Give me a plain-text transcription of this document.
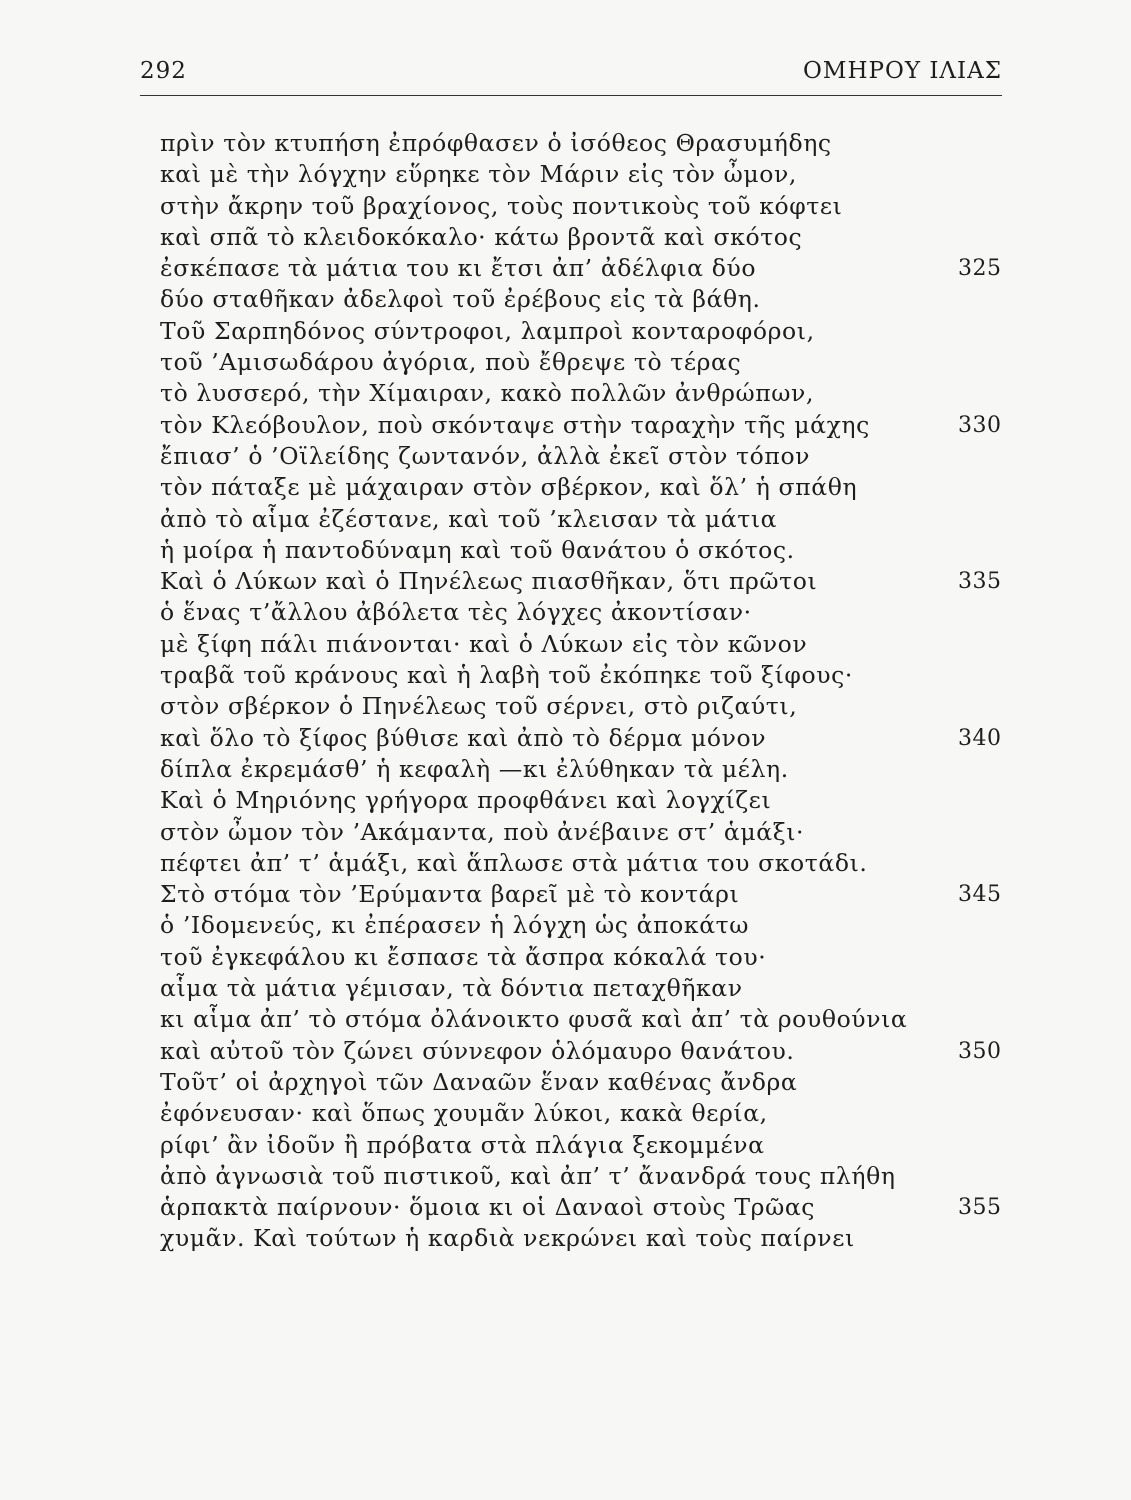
292	ΟΜΗΡΟΥ ΙΛΙΑΣ
πρὶν τὸν κτυπήση ἐπρόφθασεν ὁ ἰσόθεος Θρασυμήδης
καὶ μὲ τὴν λόγχην εὕρηκε τὸν Μάριν εἰς τὸν ὦμον,
στὴν ἄκρην τοῦ βραχίονος, τοὺς ποντικοὺς τοῦ κόφτει
καὶ σπᾶ τὸ κλειδοκόκαλο· κάτω βροντᾶ καὶ σκότος
ἐσκέπασε τὰ μάτια του κι ἔτσι ἀπ’ ἀδέλφια δύο	325
δύο σταθῆκαν ἀδελφοὶ τοῦ ἐρέβους εἰς τὰ βάθη.
Τοῦ Σαρπηδόνος σύντροφοι, λαμπροὶ κονταροφόροι,
τοῦ ’Αμισωδάρου ἀγόρια, ποὺ ἔθρεψε τὸ τέρας
τὸ λυσσερό, τὴν Χίμαιραν, κακὸ πολλῶν ἀνθρώπων,
τὸν Κλεόβουλον, ποὺ σκόνταψε στὴν ταραχὴν τῆς μάχης	330
ἔπιασ’ ὁ ’Οϊλείδης ζωντανόν, ἀλλὰ ἐκεῖ στὸν τόπον
τὸν πάταξε μὲ μάχαιραν στὸν σβέρκον, καὶ ὅλ’ ἡ σπάθη
ἀπὸ τὸ αἷμα ἐζέστανε, καὶ τοῦ ’κλεισαν τὰ μάτια
ἡ μοίρα ἡ παντοδύναμη καὶ τοῦ θανάτου ὁ σκότος.
Καὶ ὁ Λύκων καὶ ὁ Πηνέλεως πιασθῆκαν, ὅτι πρῶτοι	335
ὁ ἕνας τ’ἄλλου ἀβόλετα τὲς λόγχες ἀκοντίσαν·
μὲ ξίφη πάλι πιάνονται· καὶ ὁ Λύκων εἰς τὸν κῶνον
τραβᾶ τοῦ κράνους καὶ ἡ λαβὴ τοῦ ἐκόπηκε τοῦ ξίφους·
στὸν σβέρκον ὁ Πηνέλεως τοῦ σέρνει, στὸ ριζαύτι,
καὶ ὅλο τὸ ξίφος βύθισε καὶ ἀπὸ τὸ δέρμα μόνον	340
δίπλα ἐκρεμάσθ’ ἡ κεφαλὴ —κι ἐλύθηκαν τὰ μέλη.
Καὶ ὁ Μηριόνης γρήγορα προφθάνει καὶ λογχίζει
στὸν ὦμον τὸν ’Ακάμαντα, ποὺ ἀνέβαινε στ’ ἁμάξι·
πέφτει ἀπ’ τ’ ἁμάξι, καὶ ἅπλωσε στὰ μάτια του σκοτάδι.
Στὸ στόμα τὸν ’Ερύμαντα βαρεῖ μὲ τὸ κοντάρι	345
ὁ ’Ιδομενεύς, κι ἐπέρασεν ἡ λόγχη ὡς ἀποκάτω
τοῦ ἐγκεφάλου κι ἔσπασε τὰ ἄσπρα κόκαλά του·
αἷμα τὰ μάτια γέμισαν, τὰ δόντια πεταχθῆκαν
κι αἷμα ἀπ’ τὸ στόμα ὀλάνοικτο φυσᾶ καὶ ἀπ’ τὰ ρουθούνια
καὶ αὐτοῦ τὸν ζώνει σύννεφον ὁλόμαυρο θανάτου.	350
Τοῦτ’ οἱ ἀρχηγοὶ τῶν Δαναῶν ἕναν καθένας ἄνδρα
ἐφόνευσαν· καὶ ὅπως χουμᾶν λύκοι, κακὰ θερία,
ρίφι’ ἂν ἰδοῦν ἢ πρόβατα στὰ πλάγια ξεκομμένα
ἀπὸ ἀγνωσιὰ τοῦ πιστικοῦ, καὶ ἀπ’ τ’ ἄνανδρά τους πλήθη
ἁρπακτὰ παίρνουν· ὅμοια κι οἱ Δαναοὶ στοὺς Τρῶας	355
χυμᾶν. Καὶ τούτων ἡ καρδιὰ νεκρώνει καὶ τοὺς παίρνει
